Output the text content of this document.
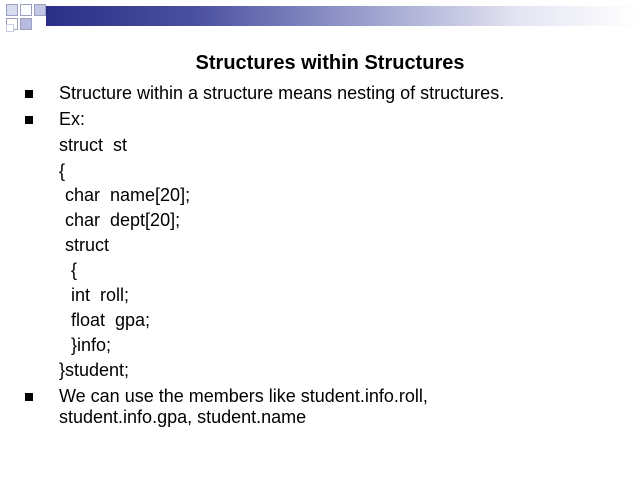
Structures within Structures
Structure within a structure means nesting of structures.
Ex:
struct  st
{
char  name[20];
char  dept[20];
struct
{
int  roll;
float  gpa;
}info;
}student;
We can use the members like student.info.roll,
student.info.gpa, student.name
